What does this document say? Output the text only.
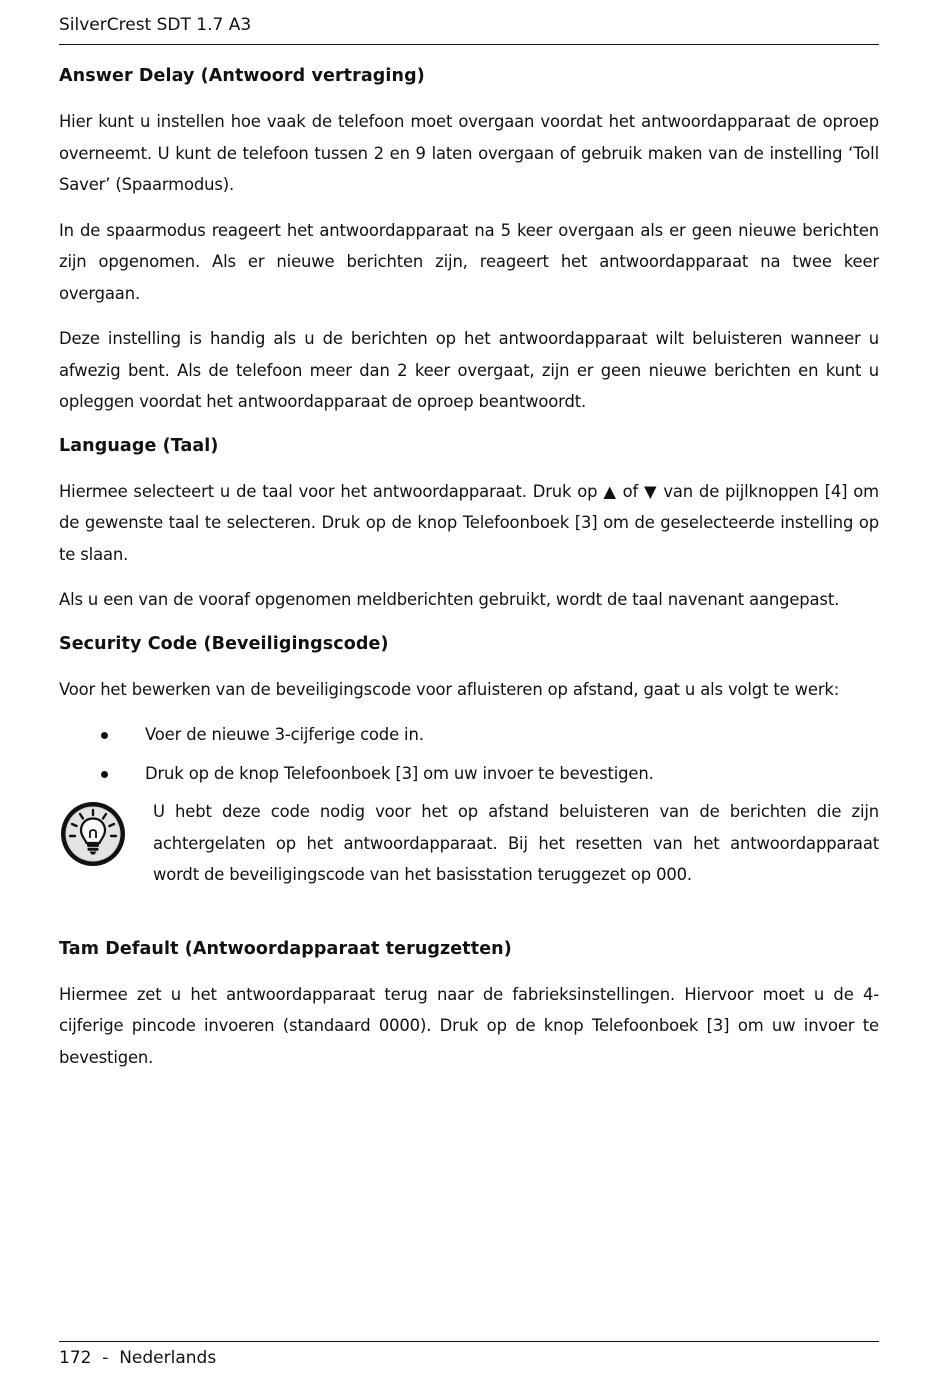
SilverCrest SDT 1.7 A3
Answer Delay (Antwoord vertraging)

Hier kunt u instellen hoe vaak de telefoon moet overgaan voordat het antwoordapparaat de oproep overneemt. U kunt de telefoon tussen 2 en 9 laten overgaan of gebruik maken van de instelling ‘Toll Saver’ (Spaarmodus).

In de spaarmodus reageert het antwoordapparaat na 5 keer overgaan als er geen nieuwe berichten zijn opgenomen. Als er nieuwe berichten zijn, reageert het antwoordapparaat na twee keer overgaan.

Deze instelling is handig als u de berichten op het antwoordapparaat wilt beluisteren wanneer u afwezig bent. Als de telefoon meer dan 2 keer overgaat, zijn er geen nieuwe berichten en kunt u opleggen voordat het antwoordapparaat de oproep beantwoordt.

Language (Taal)

Hiermee selecteert u de taal voor het antwoordapparaat. Druk op ▲ of ▼ van de pijlknoppen [4] om de gewenste taal te selecteren. Druk op de knop Telefoonboek [3] om de geselecteerde instelling op te slaan.

Als u een van de vooraf opgenomen meldberichten gebruikt, wordt de taal navenant aangepast.

Security Code (Beveiligingscode)

Voor het bewerken van de beveiligingscode voor afluisteren op afstand, gaat u als volgt te werk:

Voer de nieuwe 3-cijferige code in.
Druk op de knop Telefoonboek [3] om uw invoer te bevestigen.

U hebt deze code nodig voor het op afstand beluisteren van de berichten die zijn achtergelaten op het antwoordapparaat. Bij het resetten van het antwoordapparaat wordt de beveiligingscode van het basisstation teruggezet op 000.

Tam Default (Antwoordapparaat terugzetten)

Hiermee zet u het antwoordapparaat terug naar de fabrieksinstellingen. Hiervoor moet u de 4-cijferige pincode invoeren (standaard 0000). Druk op de knop Telefoonboek [3] om uw invoer te bevestigen.

172  -  Nederlands
